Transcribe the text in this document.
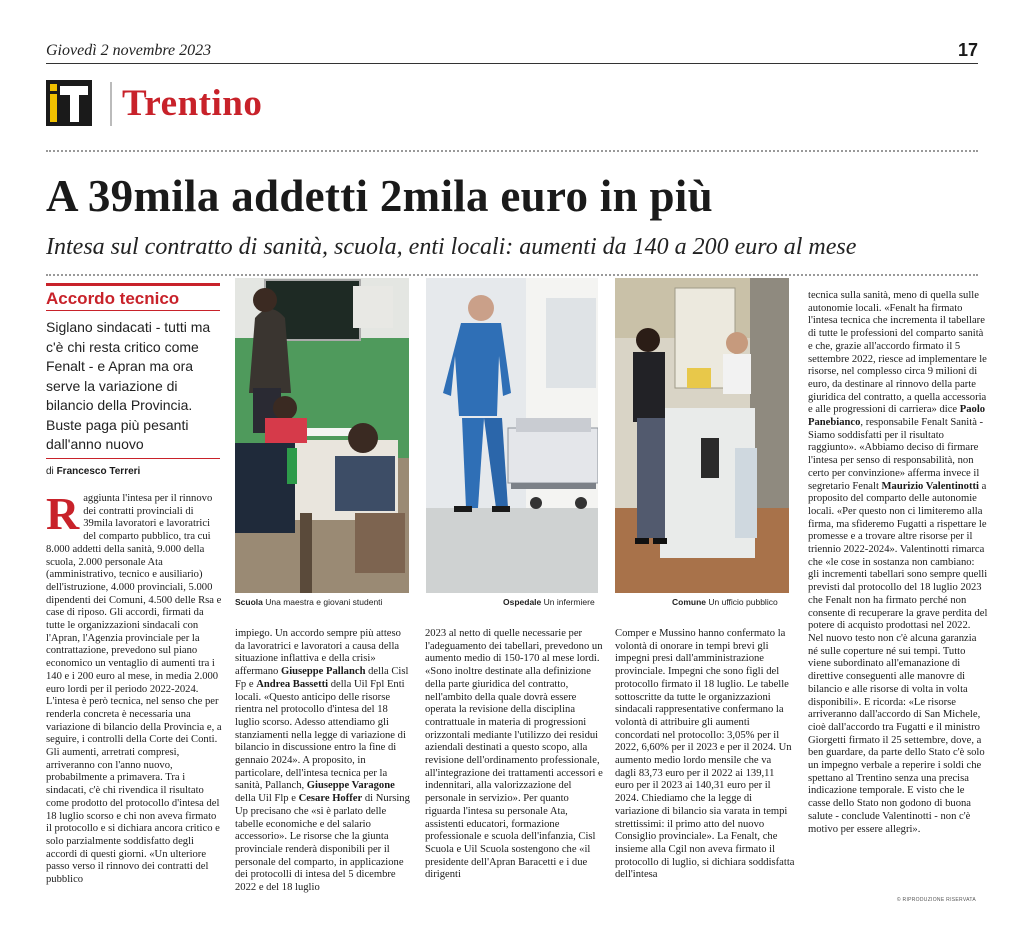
Giovedì 2 novembre 2023	17
Trentino
A 39mila addetti 2mila euro in più
Intesa sul contratto di sanità, scuola, enti locali: aumenti da 140 a 200 euro al mese
Accordo tecnico
Siglano sindacati - tutti ma c'è chi resta critico come Fenalt - e Apran ma ora serve la variazione di bilancio della Provincia. Buste paga più pesanti dall'anno nuovo
di Francesco Terreri
R aggiunta l'intesa per il rinnovo dei contratti provinciali di 39mila lavoratori e lavoratrici del comparto pubblico, tra cui 8.000 addetti della sanità, 9.000 della scuola, 2.000 personale Ata (amministrativo, tecnico e ausiliario) dell'istruzione, 4.000 provinciali, 5.000 dipendenti dei Comuni, 4.500 delle Rsa e case di riposo. Gli accordi, firmati da tutte le organizzazioni sindacali con l'Apran, l'Agenzia provinciale per la contrattazione, prevedono sul piano economico un ventaglio di aumenti tra i 140 e i 200 euro al mese, in media 2.000 euro lordi per il periodo 2022-2024. L'intesa è però tecnica, nel senso che per renderla concreta è necessaria una variazione di bilancio della Provincia e, a seguire, i controlli della Corte dei Conti. Gli aumenti, arretrati compresi, arriveranno con l'anno nuovo, probabilmente a primavera. Tra i sindacati, c'è chi rivendica il risultato come prodotto del protocollo d'intesa del 18 luglio scorso e chi non aveva firmato il protocollo e si dichiara ancora critico e solo parzialmente soddisfatto degli accordi di questi giorni. «Un ulteriore passo verso il rinnovo dei contratti del pubblico
Scuola Una maestra e giovani studenti	Ospedale Un infermiere	Comune Un ufficio pubblico
impiego. Un accordo sempre più atteso da lavoratrici e lavoratori a causa della situazione inflattiva e della crisi» affermano Giuseppe Pallanch della Cisl Fp e Andrea Bassetti della Uil Fpl Enti locali. «Questo anticipo delle risorse rientra nel protocollo d'intesa del 18 luglio scorso. Adesso attendiamo gli stanziamenti nella legge di variazione di bilancio in discussione entro la fine di gennaio 2024». A proposito, in particolare, dell'intesa tecnica per la sanità, Pallanch, Giuseppe Varagone della Uil Flp e Cesare Hoffer di Nursing Up precisano che «si è parlato delle tabelle economiche e del salario accessorio». Le risorse che la giunta provinciale renderà disponibili per il personale del comparto, in applicazione dei protocolli di intesa del 5 dicembre 2022 e del 18 luglio
2023 al netto di quelle necessarie per l'adeguamento dei tabellari, prevedono un aumento medio di 150-170 al mese lordi. «Sono inoltre destinate alla definizione della parte giuridica del contratto, nell'ambito della quale dovrà essere operata la revisione della disciplina contrattuale in materia di progressioni orizzontali mediante l'utilizzo dei residui aziendali destinati a questo scopo, alla revisione dell'ordinamento professionale, all'integrazione dei trattamenti accessori e indennitari, alla valorizzazione del personale in servizio». Per quanto riguarda l'intesa su personale Ata, assistenti educatori, formazione professionale e scuola dell'infanzia, Cisl Scuola e Uil Scuola sostengono che «il presidente dell'Apran Baracetti e i due dirigenti
Comper e Mussino hanno confermato la volontà di onorare in tempi brevi gli impegni presi dall'amministrazione provinciale. Impegni che sono figli del protocollo firmato il 18 luglio. Le tabelle sottoscritte da tutte le organizzazioni sindacali rappresentative confermano la volontà di attribuire gli aumenti concordati nel protocollo: 3,05% per il 2022, 6,60% per il 2023 e per il 2024. Un aumento medio lordo mensile che va dagli 83,73 euro per il 2022 ai 139,11 euro per il 2023 ai 140,31 euro per il 2024. Chiediamo che la legge di variazione di bilancio sia varata in tempi strettissimi: il primo atto del nuovo Consiglio provinciale». La Fenalt, che insieme alla Cgil non aveva firmato il protocollo di luglio, si dichiara soddisfatta dell'intesa
tecnica sulla sanità, meno di quella sulle autonomie locali. «Fenalt ha firmato l'intesa tecnica che incrementa il tabellare di tutte le professioni del comparto sanità e che, grazie all'accordo firmato il 5 settembre 2022, riesce ad implementare le risorse, nel complesso circa 9 milioni di euro, da destinare al rinnovo della parte giuridica del contratto, a quella accessoria e alle progressioni di carriera» dice Paolo Panebianco, responsabile Fenalt Sanità - Siamo soddisfatti per il risultato raggiunto». «Abbiamo deciso di firmare l'intesa per senso di responsabilità, non certo per convinzione» afferma invece il segretario Fenalt Maurizio Valentinotti a proposito del comparto delle autonomie locali. «Per questo non ci limiteremo alla firma, ma sfideremo Fugatti a rispettare le promesse e a trovare altre risorse per il triennio 2022-2024». Valentinotti rimarca che «le cose in sostanza non cambiano: gli incrementi tabellari sono sempre quelli previsti dal protocollo del 18 luglio 2023 che Fenalt non ha firmato perché non consente di recuperare la grave perdita del potere di acquisto prodottasi nel 2022. Nel nuovo testo non c'è alcuna garanzia né sulle coperture né sui tempi. Tutto viene subordinato all'emanazione di direttive conseguenti alle manovre di bilancio e alle risorse di volta in volta disponibili». E ricorda: «Le risorse arriveranno dall'accordo di San Michele, cioè dall'accordo tra Fugatti e il ministro Giorgetti firmato il 25 settembre, dove, a ben guardare, da parte dello Stato c'è solo un impegno verbale a reperire i soldi che spettano al Trentino senza una precisa indicazione temporale. E visto che le casse dello Stato non godono di buona salute - conclude Valentinotti - non c'è motivo per essere allegri».
© RIPRODUZIONE RISERVATA
